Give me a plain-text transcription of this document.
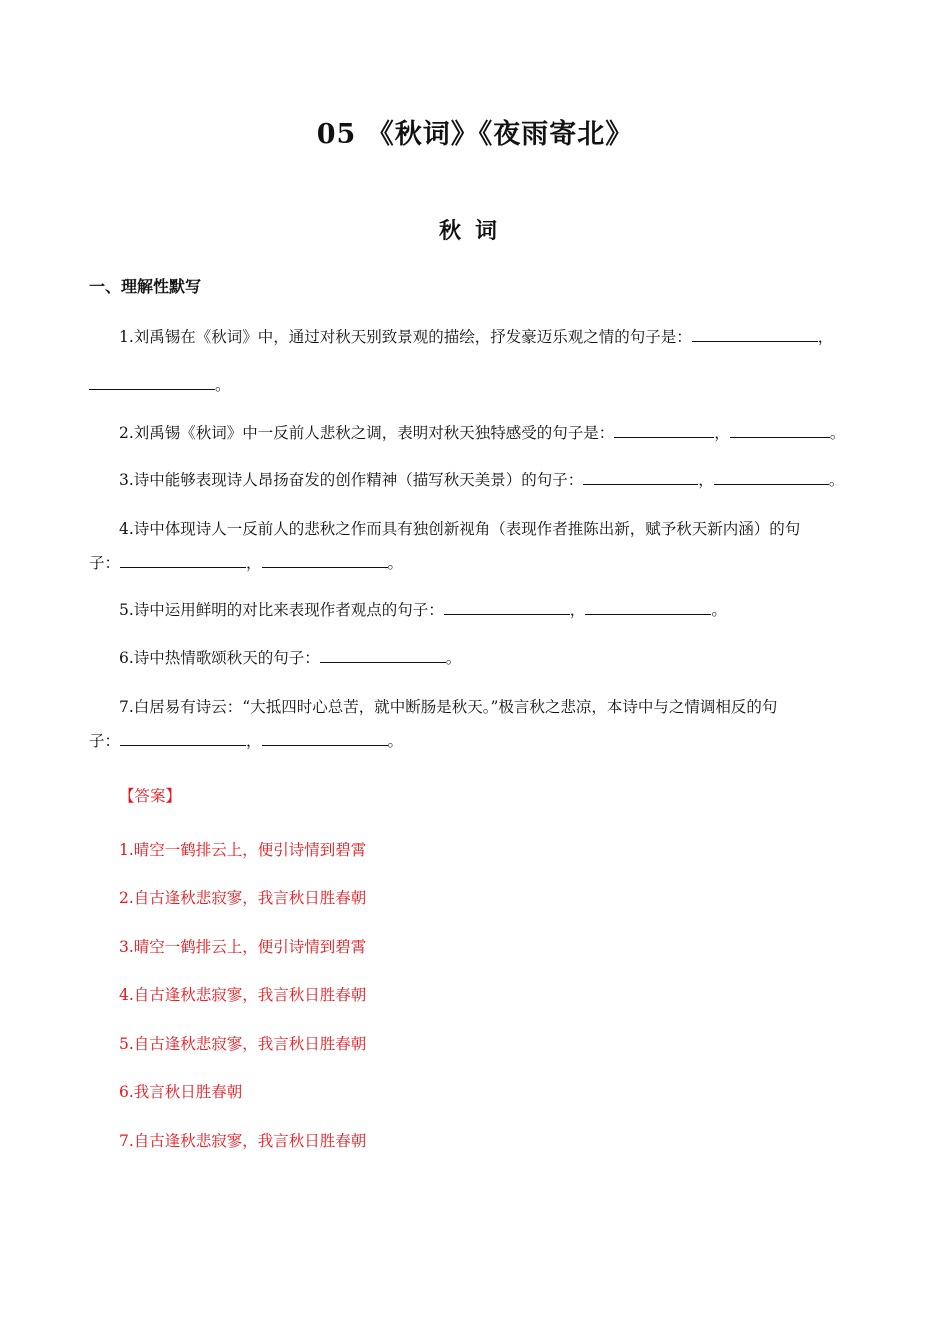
05 《秋词》《夜雨寄北》
秋词
一、理解性默写
1.刘禹锡在《秋词》中，通过对秋天别致景观的描绘，抒发豪迈乐观之情的句子是：	，
。
2.刘禹锡《秋词》中一反前人悲秋之调，表明对秋天独特感受的句子是：	，	。
3.诗中能够表现诗人昂扬奋发的创作精神（描写秋天美景）的句子：	，	。
4.诗中体现诗人一反前人的悲秋之作而具有独创新视角（表现作者推陈出新，赋予秋天新内涵）的句
子：	，	。
5.诗中运用鲜明的对比来表现作者观点的句子：	，	。
6.诗中热情歌颂秋天的句子：	。
7.白居易有诗云：“大抵四时心总苦，就中断肠是秋天。”极言秋之悲凉，本诗中与之情调相反的句
子：	，	。
【答案】
1.晴空一鹤排云上，便引诗情到碧霄
2.自古逢秋悲寂寥，我言秋日胜春朝
3.晴空一鹤排云上，便引诗情到碧霄
4.自古逢秋悲寂寥，我言秋日胜春朝
5.自古逢秋悲寂寥，我言秋日胜春朝
6.我言秋日胜春朝
7.自古逢秋悲寂寥，我言秋日胜春朝
